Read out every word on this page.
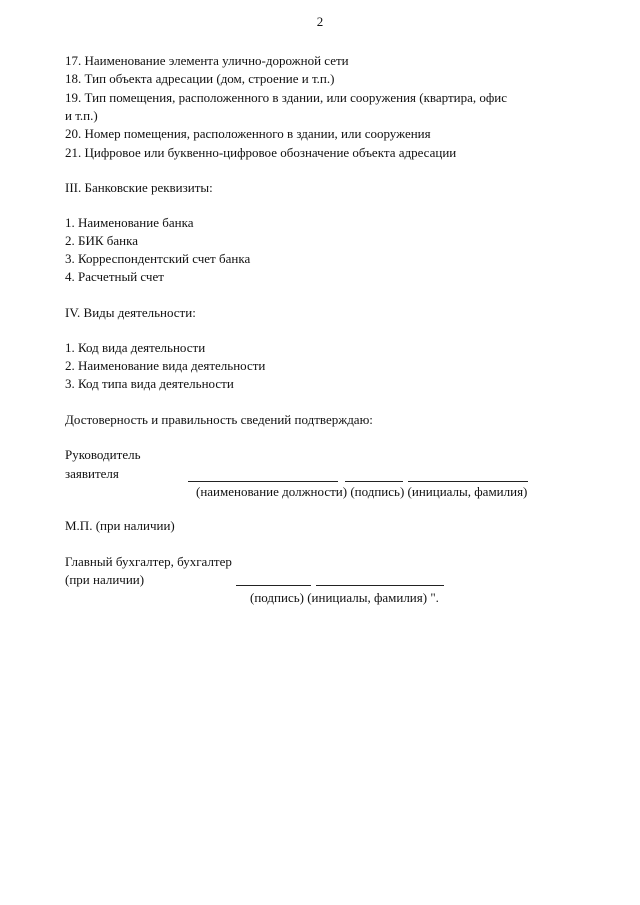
2
17. Наименование элемента улично-дорожной сети
18. Тип объекта адресации (дом, строение и т.п.)
19. Тип помещения, расположенного в здании, или сооружения (квартира, офис
и т.п.)
20. Номер помещения, расположенного в здании, или сооружения
21. Цифровое или буквенно-цифровое обозначение объекта адресации
III. Банковские реквизиты:
1. Наименование банка
2. БИК банка
3. Корреспондентский счет банка
4. Расчетный счет
IV. Виды деятельности:
1. Код вида деятельности
2. Наименование вида деятельности
3. Код типа вида деятельности
Достоверность и правильность сведений подтверждаю:
Руководитель
заявителя
(наименование должности) (подпись) (инициалы, фамилия)
М.П. (при наличии)
Главный бухгалтер, бухгалтер
(при наличии)
(подпись) (инициалы, фамилия) ".
